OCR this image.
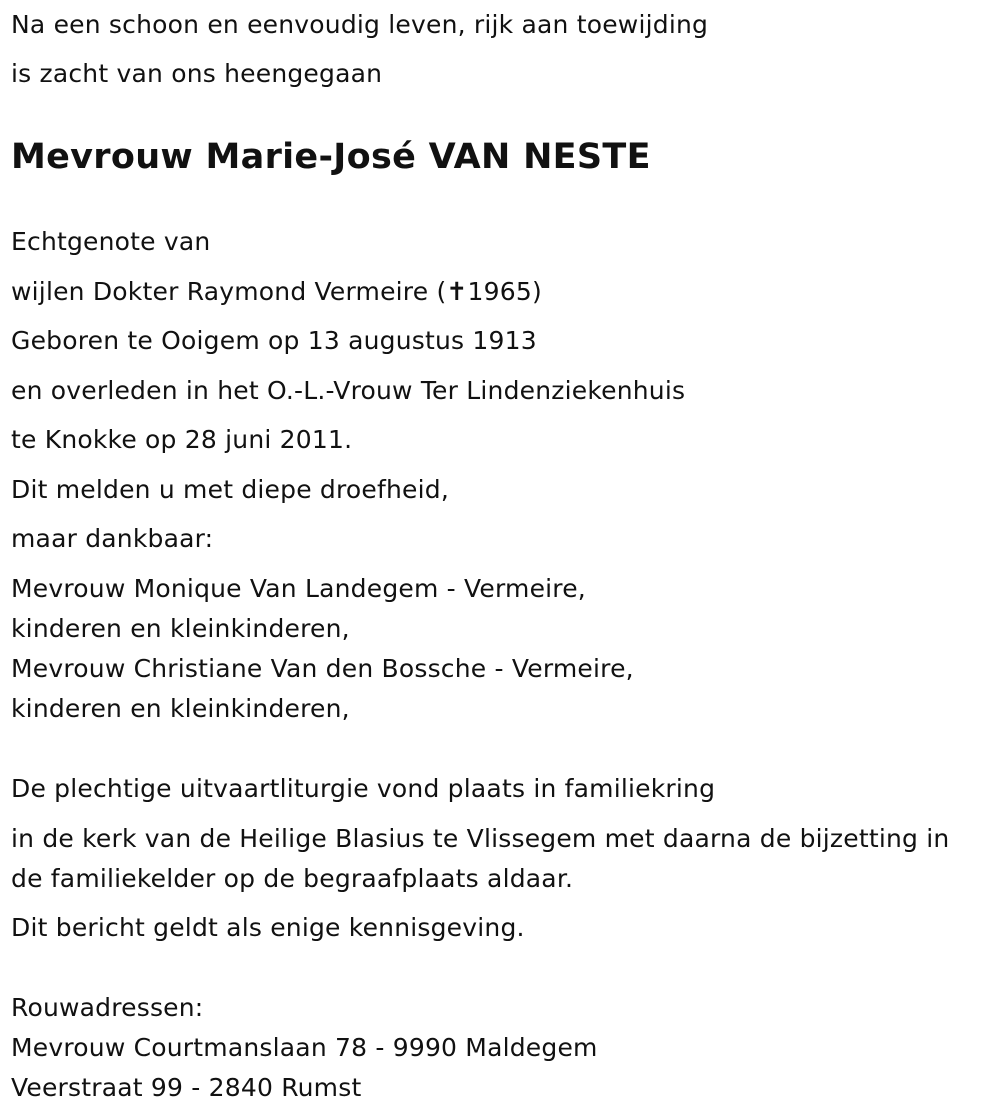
Na een schoon en eenvoudig leven, rijk aan toewijding
is zacht van ons heengegaan
Mevrouw Marie-José VAN NESTE
Echtgenote van
wijlen Dokter Raymond Vermeire (✝1965)
Geboren te Ooigem op 13 augustus 1913
en overleden in het O.-L.-Vrouw Ter Lindenziekenhuis
te Knokke op 28 juni 2011.
Dit melden u met diepe droefheid,
maar dankbaar:
Mevrouw Monique Van Landegem - Vermeire,
kinderen en kleinkinderen,
Mevrouw Christiane Van den Bossche - Vermeire,
kinderen en kleinkinderen,
De plechtige uitvaartliturgie vond plaats in familiekring
in de kerk van de Heilige Blasius te Vlissegem met daarna de bijzetting in
de familiekelder op de begraafplaats aldaar.
Dit bericht geldt als enige kennisgeving.
Rouwadressen:
Mevrouw Courtmanslaan 78 - 9990 Maldegem
Veerstraat 99 - 2840 Rumst
